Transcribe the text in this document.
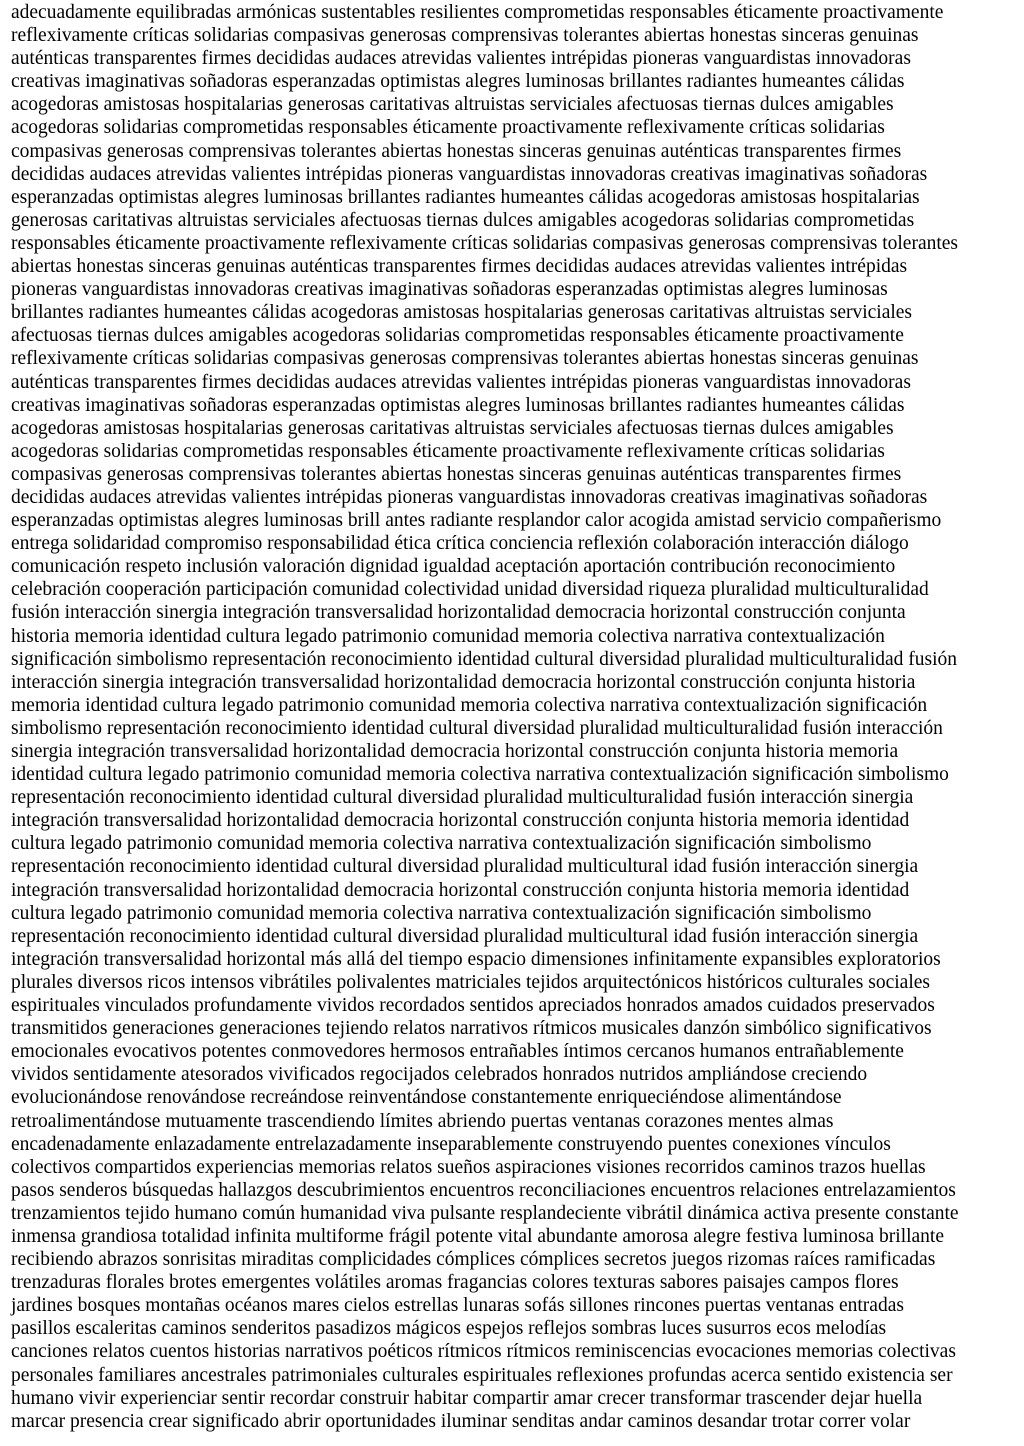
adecuadamente equilibradas armónicas sustentables resilientes comprometidas responsables éticamente proactivamente
reflexivamente críticas solidarias compasivas generosas comprensivas tolerantes abiertas honestas sinceras genuinas
auténticas transparentes firmes decididas audaces atrevidas valientes intrépidas pioneras vanguardistas innovadoras
creativas imaginativas soñadoras esperanzadas optimistas alegres luminosas brillantes radiantes humeantes cálidas
acogedoras amistosas hospitalarias generosas caritativas altruistas serviciales afectuosas tiernas dulces amigables
acogedoras solidarias comprometidas responsables éticamente proactivamente reflexivamente críticas solidarias
compasivas generosas comprensivas tolerantes abiertas honestas sinceras genuinas auténticas transparentes firmes
decididas audaces atrevidas valientes intrépidas pioneras vanguardistas innovadoras creativas imaginativas soñadoras
esperanzadas optimistas alegres luminosas brillantes radiantes humeantes cálidas acogedoras amistosas hospitalarias
generosas caritativas altruistas serviciales afectuosas tiernas dulces amigables acogedoras solidarias comprometidas
responsables éticamente proactivamente reflexivamente críticas solidarias compasivas generosas comprensivas tolerantes
abiertas honestas sinceras genuinas auténticas transparentes firmes decididas audaces atrevidas valientes intrépidas
pioneras vanguardistas innovadoras creativas imaginativas soñadoras esperanzadas optimistas alegres luminosas
brillantes radiantes humeantes cálidas acogedoras amistosas hospitalarias generosas caritativas altruistas serviciales
afectuosas tiernas dulces amigables acogedoras solidarias comprometidas responsables éticamente proactivamente
reflexivamente críticas solidarias compasivas generosas comprensivas tolerantes abiertas honestas sinceras genuinas
auténticas transparentes firmes decididas audaces atrevidas valientes intrépidas pioneras vanguardistas innovadoras
creativas imaginativas soñadoras esperanzadas optimistas alegres luminosas brillantes radiantes humeantes cálidas
acogedoras amistosas hospitalarias generosas caritativas altruistas serviciales afectuosas tiernas dulces amigables
acogedoras solidarias comprometidas responsables éticamente proactivamente reflexivamente críticas solidarias
compasivas generosas comprensivas tolerantes abiertas honestas sinceras genuinas auténticas transparentes firmes
decididas audaces atrevidas valientes intrépidas pioneras vanguardistas innovadoras creativas imaginativas soñadoras
esperanzadas optimistas alegres luminosas brill antes radiante resplandor calor acogida amistad servicio compañerismo
entrega solidaridad compromiso responsabilidad ética crítica conciencia reflexión colaboración interacción diálogo
comunicación respeto inclusión valoración dignidad igualdad aceptación aportación contribución reconocimiento
celebración cooperación participación comunidad colectividad unidad diversidad riqueza pluralidad multiculturalidad
fusión interacción sinergia integración transversalidad horizontalidad democracia horizontal construcción conjunta
historia memoria identidad cultura legado patrimonio comunidad memoria colectiva narrativa contextualización
significación simbolismo representación reconocimiento identidad cultural diversidad pluralidad multiculturalidad fusión
interacción sinergia integración transversalidad horizontalidad democracia horizontal construcción conjunta historia
memoria identidad cultura legado patrimonio comunidad memoria colectiva narrativa contextualización significación
simbolismo representación reconocimiento identidad cultural diversidad pluralidad multiculturalidad fusión interacción
sinergia integración transversalidad horizontalidad democracia horizontal construcción conjunta historia memoria
identidad cultura legado patrimonio comunidad memoria colectiva narrativa contextualización significación simbolismo
representación reconocimiento identidad cultural diversidad pluralidad multiculturalidad fusión interacción sinergia
integración transversalidad horizontalidad democracia horizontal construcción conjunta historia memoria identidad
cultura legado patrimonio comunidad memoria colectiva narrativa contextualización significación simbolismo
representación reconocimiento identidad cultural diversidad pluralidad multicultural idad fusión interacción sinergia
integración transversalidad horizontalidad democracia horizontal construcción conjunta historia memoria identidad
cultura legado patrimonio comunidad memoria colectiva narrativa contextualización significación simbolismo
representación reconocimiento identidad cultural diversidad pluralidad multicultural idad fusión interacción sinergia
integración transversalidad horizontal más allá del tiempo espacio dimensiones infinitamente expansibles exploratorios
plurales diversos ricos intensos vibrátiles polivalentes matriciales tejidos arquitectónicos históricos culturales sociales
espirituales vinculados profundamente vividos recordados sentidos apreciados honrados amados cuidados preservados
transmitidos generaciones generaciones tejiendo relatos narrativos rítmicos musicales danzón simbólico significativos
emocionales evocativos potentes conmovedores hermosos entrañables íntimos cercanos humanos entrañablemente
vividos sentidamente atesorados vivificados regocijados celebrados honrados nutridos ampliándose creciendo
evolucionándose renovándose recreándose reinventándose constantemente enriqueciéndose alimentándose
retroalimentándose mutuamente trascendiendo límites abriendo puertas ventanas corazones mentes almas
encadenadamente enlazadamente entrelazadamente inseparablemente construyendo puentes conexiones vínculos
colectivos compartidos experiencias memorias relatos sueños aspiraciones visiones recorridos caminos trazos huellas
pasos senderos búsquedas hallazgos descubrimientos encuentros reconciliaciones encuentros relaciones entrelazamientos
trenzamientos tejido humano común humanidad viva pulsante resplandeciente vibrátil dinámica activa presente constante
inmensa grandiosa totalidad infinita multiforme frágil potente vital abundante amorosa alegre festiva luminosa brillante
recibiendo abrazos sonrisitas miraditas complicidades cómplices cómplices secretos juegos rizomas raíces ramificadas
trenzaduras florales brotes emergentes volátiles aromas fragancias colores texturas sabores paisajes campos flores
jardines bosques montañas océanos mares cielos estrellas lunaras sofás sillones rincones puertas ventanas entradas
pasillos escaleritas caminos senderitos pasadizos mágicos espejos reflejos sombras luces susurros ecos melodías
canciones relatos cuentos historias narrativos poéticos rítmicos rítmicos reminiscencias evocaciones memorias colectivas
personales familiares ancestrales patrimoniales culturales espirituales reflexiones profundas acerca sentido existencia ser
humano vivir experienciar sentir recordar construir habitar compartir amar crecer transformar trascender dejar huella
marcar presencia crear significado abrir oportunidades iluminar senditas andar caminos desandar trotar correr volar
